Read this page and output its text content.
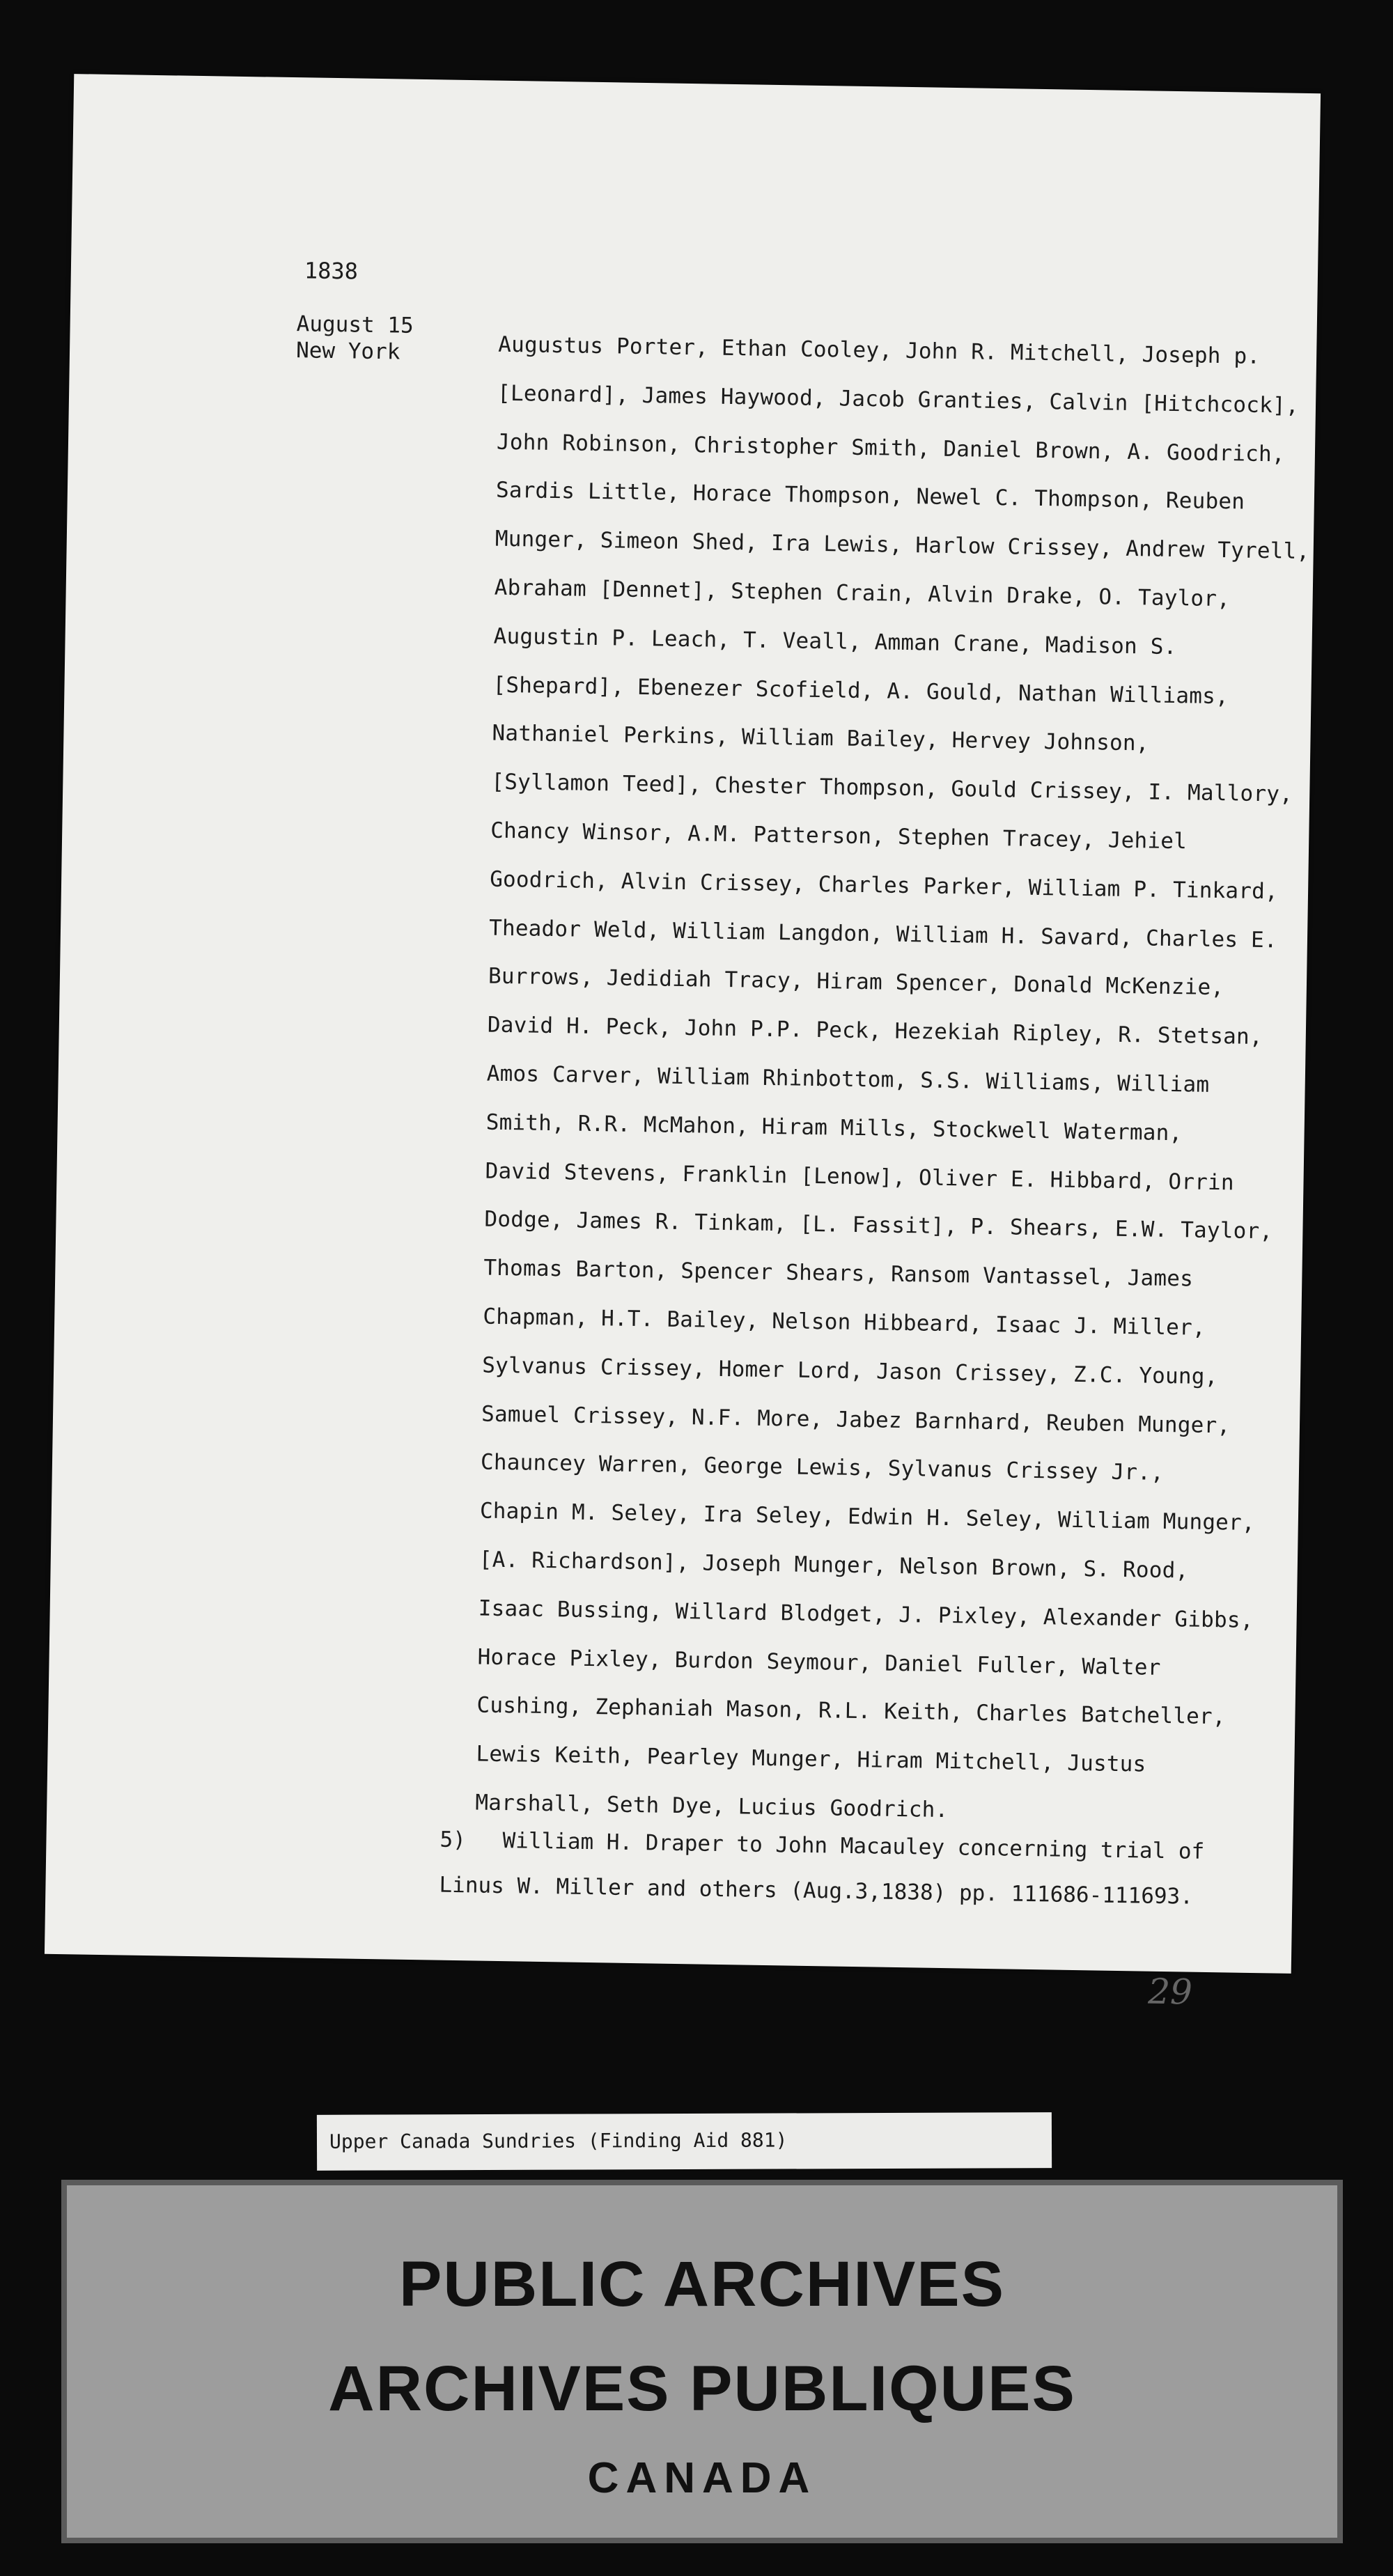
1838
August 15
New York	Augustus Porter, Ethan Cooley, John R. Mitchell, Joseph p.
[Leonard], James Haywood, Jacob Granties, Calvin [Hitchcock],
John Robinson, Christopher Smith, Daniel Brown, A. Goodrich,
Sardis Little, Horace Thompson, Newel C. Thompson, Reuben
Munger, Simeon Shed, Ira Lewis, Harlow Crissey, Andrew Tyrell,
Abraham [Dennet], Stephen Crain, Alvin Drake, O. Taylor,
Augustin P. Leach, T. Veall, Amman Crane, Madison S.
[Shepard], Ebenezer Scofield, A. Gould, Nathan Williams,
Nathaniel Perkins, William Bailey, Hervey Johnson,
[Syllamon Teed], Chester Thompson, Gould Crissey, I. Mallory,
Chancy Winsor, A.M. Patterson, Stephen Tracey, Jehiel
Goodrich, Alvin Crissey, Charles Parker, William P. Tinkard,
Theador Weld, William Langdon, William H. Savard, Charles E.
Burrows, Jedidiah Tracy, Hiram Spencer, Donald McKenzie,
David H. Peck, John P.P. Peck, Hezekiah Ripley, R. Stetsan,
Amos Carver, William Rhinbottom, S.S. Williams, William
Smith, R.R. McMahon, Hiram Mills, Stockwell Waterman,
David Stevens, Franklin [Lenow], Oliver E. Hibbard, Orrin
Dodge, James R. Tinkam, [L. Fassit], P. Shears, E.W. Taylor,
Thomas Barton, Spencer Shears, Ransom Vantassel, James
Chapman, H.T. Bailey, Nelson Hibbeard, Isaac J. Miller,
Sylvanus Crissey, Homer Lord, Jason Crissey, Z.C. Young,
Samuel Crissey, N.F. More, Jabez Barnhard, Reuben Munger,
Chauncey Warren, George Lewis, Sylvanus Crissey Jr.,
Chapin M. Seley, Ira Seley, Edwin H. Seley, William Munger,
[A. Richardson], Joseph Munger, Nelson Brown, S. Rood,
Isaac Bussing, Willard Blodget, J. Pixley, Alexander Gibbs,
Horace Pixley, Burdon Seymour, Daniel Fuller, Walter
Cushing, Zephaniah Mason, R.L. Keith, Charles Batcheller,
Lewis Keith, Pearley Munger, Hiram Mitchell, Justus
Marshall, Seth Dye, Lucius Goodrich.
5) William H. Draper to John Macauley concerning trial of
Linus W. Miller and others (Aug.3,1838) pp. 111686-111693.
29
Upper Canada Sundries (Finding Aid 881)
PUBLIC ARCHIVES
ARCHIVES PUBLIQUES
CANADA
